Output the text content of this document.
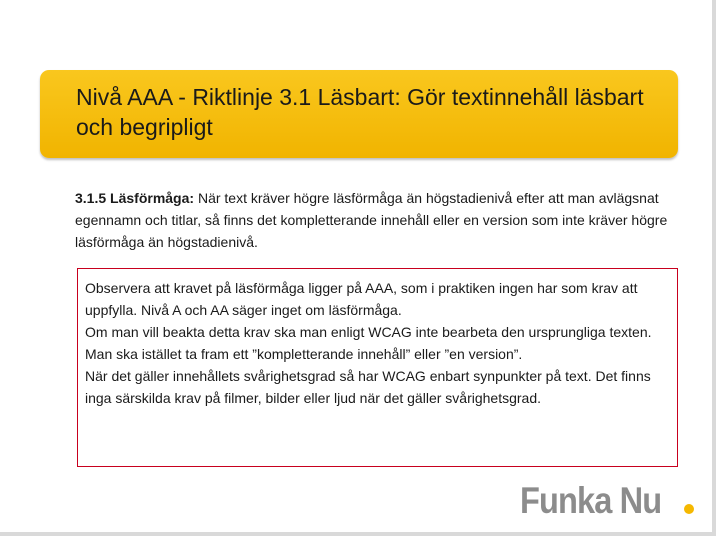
Nivå AAA - Riktlinje 3.1 Läsbart: Gör textinnehåll läsbart och begripligt

3.1.5 Läsförmåga: När text kräver högre läsförmåga än högstadienivå efter att man avlägsnat egennamn och titlar, så finns det kompletterande innehåll eller en version som inte kräver högre läsförmåga än högstadienivå.

Observera att kravet på läsförmåga ligger på AAA, som i praktiken ingen har som krav att uppfylla. Nivå A och AA säger inget om läsförmåga.

Om man vill beakta detta krav ska man enligt WCAG inte bearbeta den ursprungliga texten. Man ska istället ta fram ett ”kompletterande innehåll” eller ”en version”.

När det gäller innehållets svårighetsgrad så har WCAG enbart synpunkter på text. Det finns inga särskilda krav på filmer, bilder eller ljud när det gäller svårighetsgrad.

Funka Nu
